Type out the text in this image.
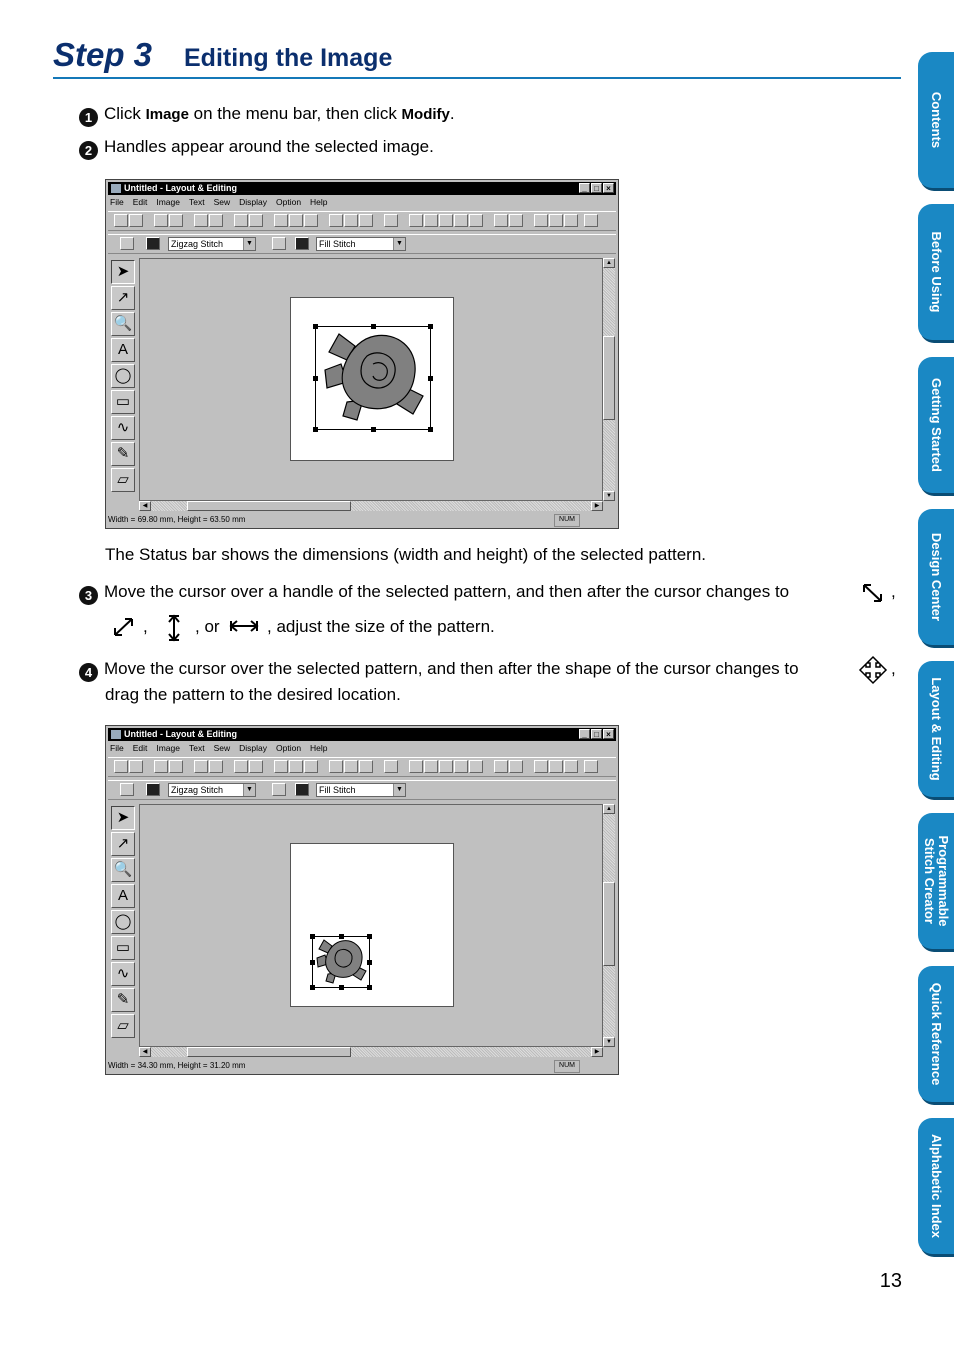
Step 3 Editing the Image
1 Click Image on the menu bar, then click Modify.
2 Handles appear around the selected image.
Untitled - Layout & Editing	_ □ ×
File Edit Image Text Sew Display Option Help
Zigzag Stitch	▼	Fill Stitch	▼
➤
↗
🔍
A
◯
▭
∿
✎
▱
▲
▼
◀	▶
Width = 69.80 mm, Height = 63.50 mm	NUM
The Status bar shows the dimensions (width and height) of the selected pattern.
3 Move the cursor over a handle of the selected pattern, and then after the cursor changes to	,
,	, or	, adjust the size of the pattern.
4 Move the cursor over the selected pattern, and then after the shape of the cursor changes to	,
drag the pattern to the desired location.
Untitled - Layout & Editing	_ □ ×
File Edit Image Text Sew Display Option Help
Zigzag Stitch	▼	Fill Stitch	▼
➤
↗
🔍
A
◯
▭
∿
✎
▱
▲
▼
◀	▶
Width = 34.30 mm, Height = 31.20 mm	NUM
Contents
Before Using
Getting Started
Design Center
Layout & Editing
Programmable Stitch Creator
Quick Reference
Alphabetic Index
13
